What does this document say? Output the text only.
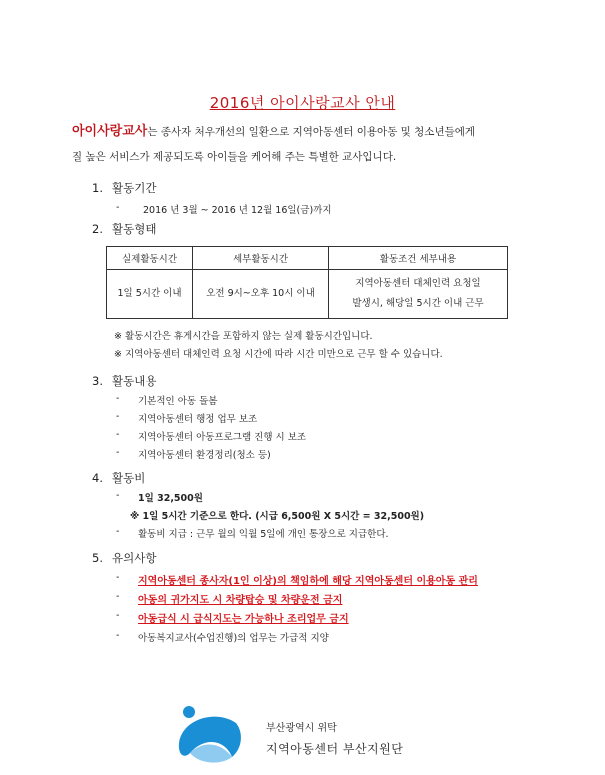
2016년 아이사랑교사 안내
아이사랑교사는 종사자 처우개선의 일환으로 지역아동센터 이용아동 및 청소년들에게
질 높은 서비스가 제공되도록 아이들을 케어해 주는 특별한 교사입니다.
1. 활동기간
- 2016 년 3월 ~ 2016 년 12월 16일(금)까지
2. 활동형태
실제활동시간	세부활동시간	활동조건 세부내용
1일 5시간 이내	오전 9시~오후 10시 이내	지역아동센터 대체인력 요청일
발생시, 해당일 5시간 이내 근무
※ 활동시간은 휴게시간을 포함하지 않는 실제 활동시간입니다.
※ 지역아동센터 대체인력 요청 시간에 따라 시간 미만으로 근무 할 수 있습니다.
3. 활동내용
- 기본적인 아동 돌봄
- 지역아동센터 행정 업무 보조
- 지역아동센터 아동프로그램 진행 시 보조
- 지역아동센터 환경정리(청소 등)
4. 활동비
- 1일 32,500원
※ 1일 5시간 기준으로 한다. (시급 6,500원 X 5시간 = 32,500원)
- 활동비 지급 : 근무 월의 익월 5일에 개인 통장으로 지급한다.
5. 유의사항
- 지역아동센터 종사자(1인 이상)의 책임하에 해당 지역아동센터 이용아동 관리
- 아동의 귀가지도 시 차량탑승 및 차량운전 금지
- 아동급식 시 급식지도는 가능하나 조리업무 금지
- 아동복지교사(수업진행)의 업무는 가급적 지양
부산광역시 위탁
지역아동센터 부산지원단
